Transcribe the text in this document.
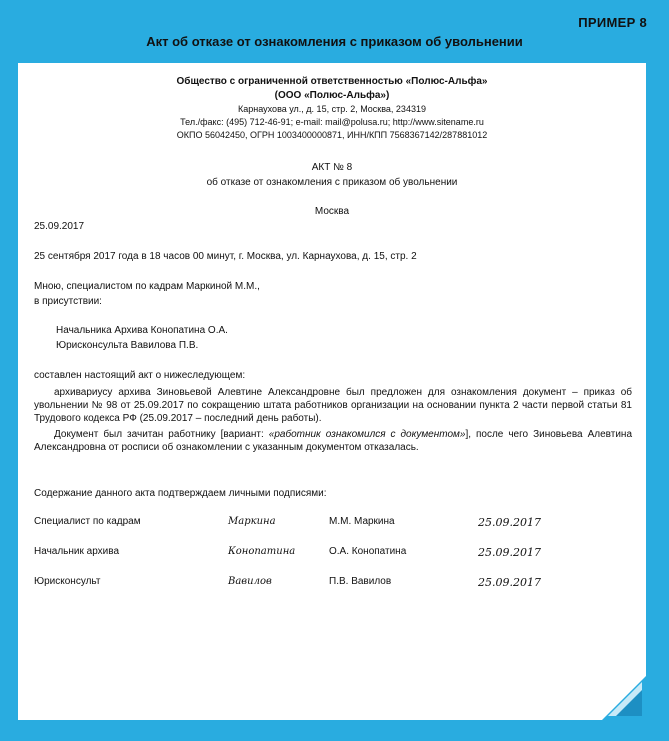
ПРИМЕР 8
Акт об отказе от ознакомления с приказом об увольнении
Общество с ограниченной ответственностью «Полюс-Альфа»
(ООО «Полюс-Альфа»)
Карнаухова ул., д. 15, стр. 2, Москва, 234319
Тел./факс: (495) 712-46-91; e-mail: mail@polusa.ru; http://www.sitename.ru
ОКПО 56042450, ОГРН 1003400000871, ИНН/КПП 7568367142/287881012
АКТ № 8
об отказе от ознакомления с приказом об увольнении
Москва
25.09.2017
25 сентября 2017 года в 18 часов 00 минут, г. Москва, ул. Карнаухова, д. 15, стр. 2
Мною, специалистом по кадрам Маркиной М.М.,
в присутствии:
Начальника Архива Конопатина О.А.
Юрисконсульта Вавилова П.В.
составлен настоящий акт о нижеследующем:
архивариусу архива Зиновьевой Алевтине Александровне был предложен для ознакомления документ – приказ об увольнении № 98 от 25.09.2017 по сокращению штата работников организации на основании пункта 2 части первой статьи 81 Трудового кодекса РФ (25.09.2017 – последний день работы).
Документ был зачитан работнику [вариант: «работник ознакомился с документом»], после чего Зиновьева Алевтина Александровна от росписи об ознакомлении с указанным документом отказалась.
Содержание данного акта подтверждаем личными подписями:
Специалист по кадрам	Маркина	М.М. Маркина	25.09.2017
Начальник архива	Конопатина	О.А. Конопатина	25.09.2017
Юрисконсульт	Вавилов	П.В. Вавилов	25.09.2017
